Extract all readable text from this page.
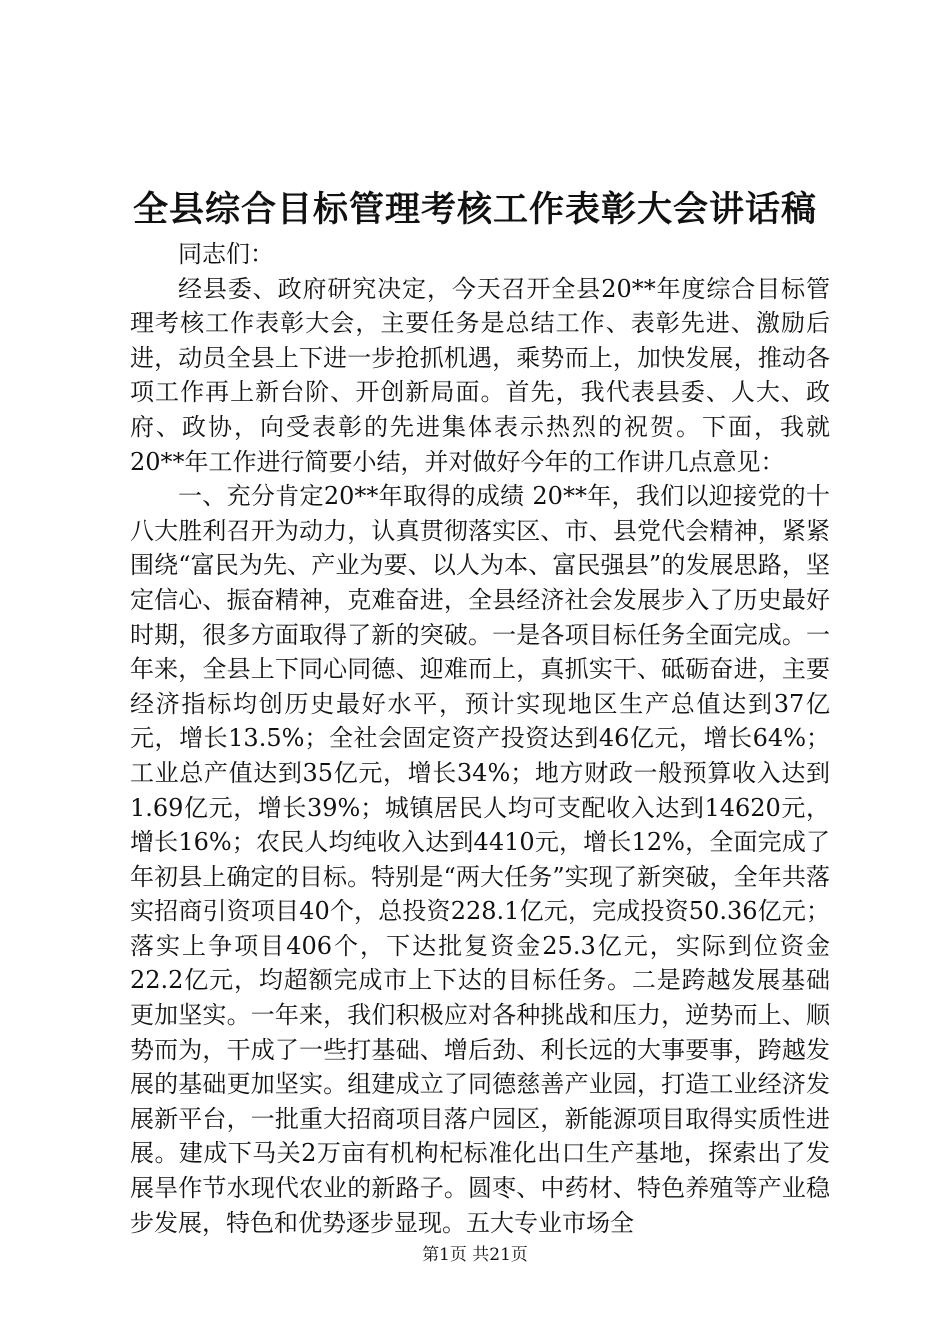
全县综合目标管理考核工作表彰大会讲话稿

同志们：

经县委、政府研究决定，今天召开全县20**年度综合目标管理考核工作表彰大会，主要任务是总结工作、表彰先进、激励后进，动员全县上下进一步抢抓机遇，乘势而上，加快发展，推动各项工作再上新台阶、开创新局面。首先，我代表县委、人大、政府、政协，向受表彰的先进集体表示热烈的祝贺。下面，我就20**年工作进行简要小结，并对做好今年的工作讲几点意见：

一、充分肯定20**年取得的成绩 20**年，我们以迎接党的十八大胜利召开为动力，认真贯彻落实区、市、县党代会精神，紧紧围绕“富民为先、产业为要、以人为本、富民强县”的发展思路，坚定信心、振奋精神，克难奋进，全县经济社会发展步入了历史最好时期，很多方面取得了新的突破。一是各项目标任务全面完成。一年来，全县上下同心同德、迎难而上，真抓实干、砥砺奋进，主要经济指标均创历史最好水平，预计实现地区生产总值达到37亿元，增长13.5%；全社会固定资产投资达到46亿元，增长64%；工业总产值达到35亿元，增长34%；地方财政一般预算收入达到1.69亿元，增长39%；城镇居民人均可支配收入达到14620元，增长16%；农民人均纯收入达到4410元，增长12%，全面完成了年初县上确定的目标。特别是“两大任务”实现了新突破，全年共落实招商引资项目40个，总投资228.1亿元，完成投资50.36亿元；落实上争项目406个，下达批复资金25.3亿元，实际到位资金22.2亿元，均超额完成市上下达的目标任务。二是跨越发展基础更加坚实。一年来，我们积极应对各种挑战和压力，逆势而上、顺势而为，干成了一些打基础、增后劲、利长远的大事要事，跨越发展的基础更加坚实。组建成立了同德慈善产业园，打造工业经济发展新平台，一批重大招商项目落户园区，新能源项目取得实质性进展。建成下马关2万亩有机枸杞标准化出口生产基地，探索出了发展旱作节水现代农业的新路子。圆枣、中药材、特色养殖等产业稳步发展，特色和优势逐步显现。五大专业市场全

第1页 共21页
